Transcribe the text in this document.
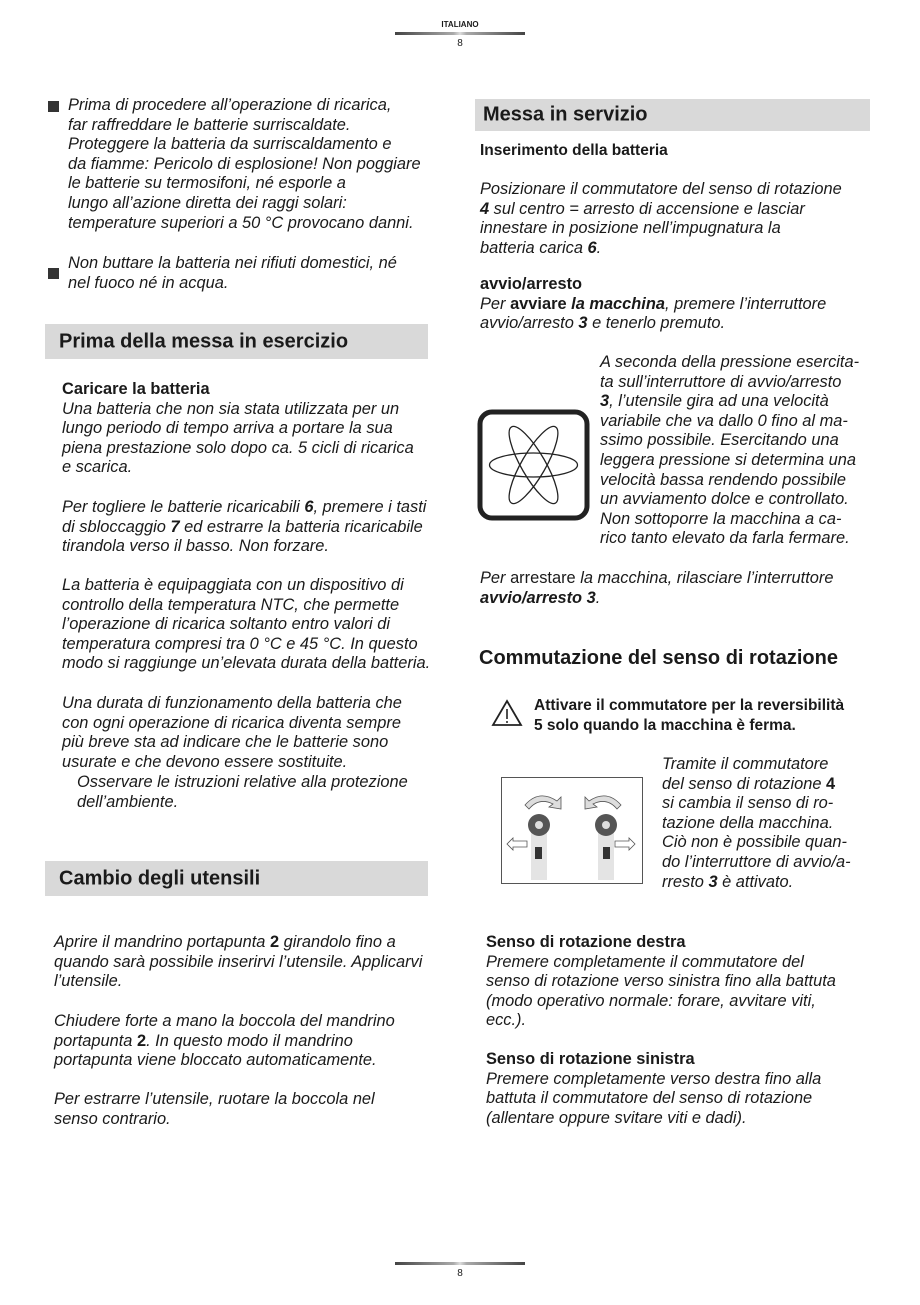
ITALIANO
8
Prima di procedere all’operazione di ricarica,
far raffreddare le batterie surriscaldate.
Proteggere la batteria da surriscaldamento e
da fiamme: Pericolo di esplosione! Non poggiare
le batterie su termosifoni, né esporle a
lungo all’azione diretta dei raggi solari:
temperature superiori a 50 °C provocano danni.
Non buttare la batteria nei rifiuti domestici, né
nel fuoco né in acqua.
Prima della messa in esercizio
Caricare la batteria
Una batteria che non sia stata utilizzata per un
lungo periodo di tempo arriva a portare la sua
piena prestazione solo dopo ca. 5 cicli di ricarica
e scarica.
Per togliere le batterie ricaricabili 6, premere i tasti
di sbloccaggio 7 ed estrarre la batteria ricaricabile
tirandola verso il basso. Non forzare.
La batteria è equipaggiata con un dispositivo di
controllo della temperatura NTC, che permette
l’operazione di ricarica soltanto entro valori di
temperatura compresi tra 0 °C e 45 °C. In questo
modo si raggiunge un’elevata durata della batteria.
Una durata di funzionamento della batteria che
con ogni operazione di ricarica diventa sempre
più breve sta ad indicare che le batterie sono
usurate e che devono essere sostituite.
Osservare le istruzioni relative alla protezione
dell’ambiente.
Cambio degli utensili
Aprire il mandrino portapunta 2 girandolo fino a
quando sarà possibile inserirvi l’utensile. Applicarvi
l’utensile.
Chiudere forte a mano la boccola del mandrino
portapunta 2. In questo modo il mandrino
portapunta viene bloccato automaticamente.
Per estrarre l’utensile, ruotare la boccola nel
senso contrario.
Messa in servizio
Inserimento della batteria
Posizionare il commutatore del senso di rotazione
4 sul centro = arresto di accensione e lasciar
innestare in posizione nell’impugnatura la
batteria carica 6.
avvio/arresto
Per avviare la macchina, premere l’interruttore
avvio/arresto 3 e tenerlo premuto.
A seconda della pressione esercita-
ta sull’interruttore di avvio/arresto
3, l’utensile gira ad una velocità
variabile che va dallo 0 fino al ma-
ssimo possibile. Esercitando una
leggera pressione si determina una
velocità bassa rendendo possibile
un avviamento dolce e controllato.
Non sottoporre la macchina a ca-
rico tanto elevato da farla fermare.
Per arrestare la macchina, rilasciare l’interruttore
avvio/arresto 3.
Commutazione del senso di rotazione
Attivare il commutatore per la reversibilità
5 solo quando la macchina è ferma.
Tramite il commutatore
del senso di rotazione 4
si cambia il senso di ro-
tazione della macchina.
Ciò non è possibile quan-
do l’interruttore di avvio/a-
rresto 3 è attivato.
Senso di rotazione destra
Premere completamente il commutatore del
senso di rotazione verso sinistra fino alla battuta
(modo operativo normale: forare, avvitare viti,
ecc.).
Senso di rotazione sinistra
Premere completamente verso destra fino alla
battuta il commutatore del senso di rotazione
(allentare oppure svitare viti e dadi).
8
